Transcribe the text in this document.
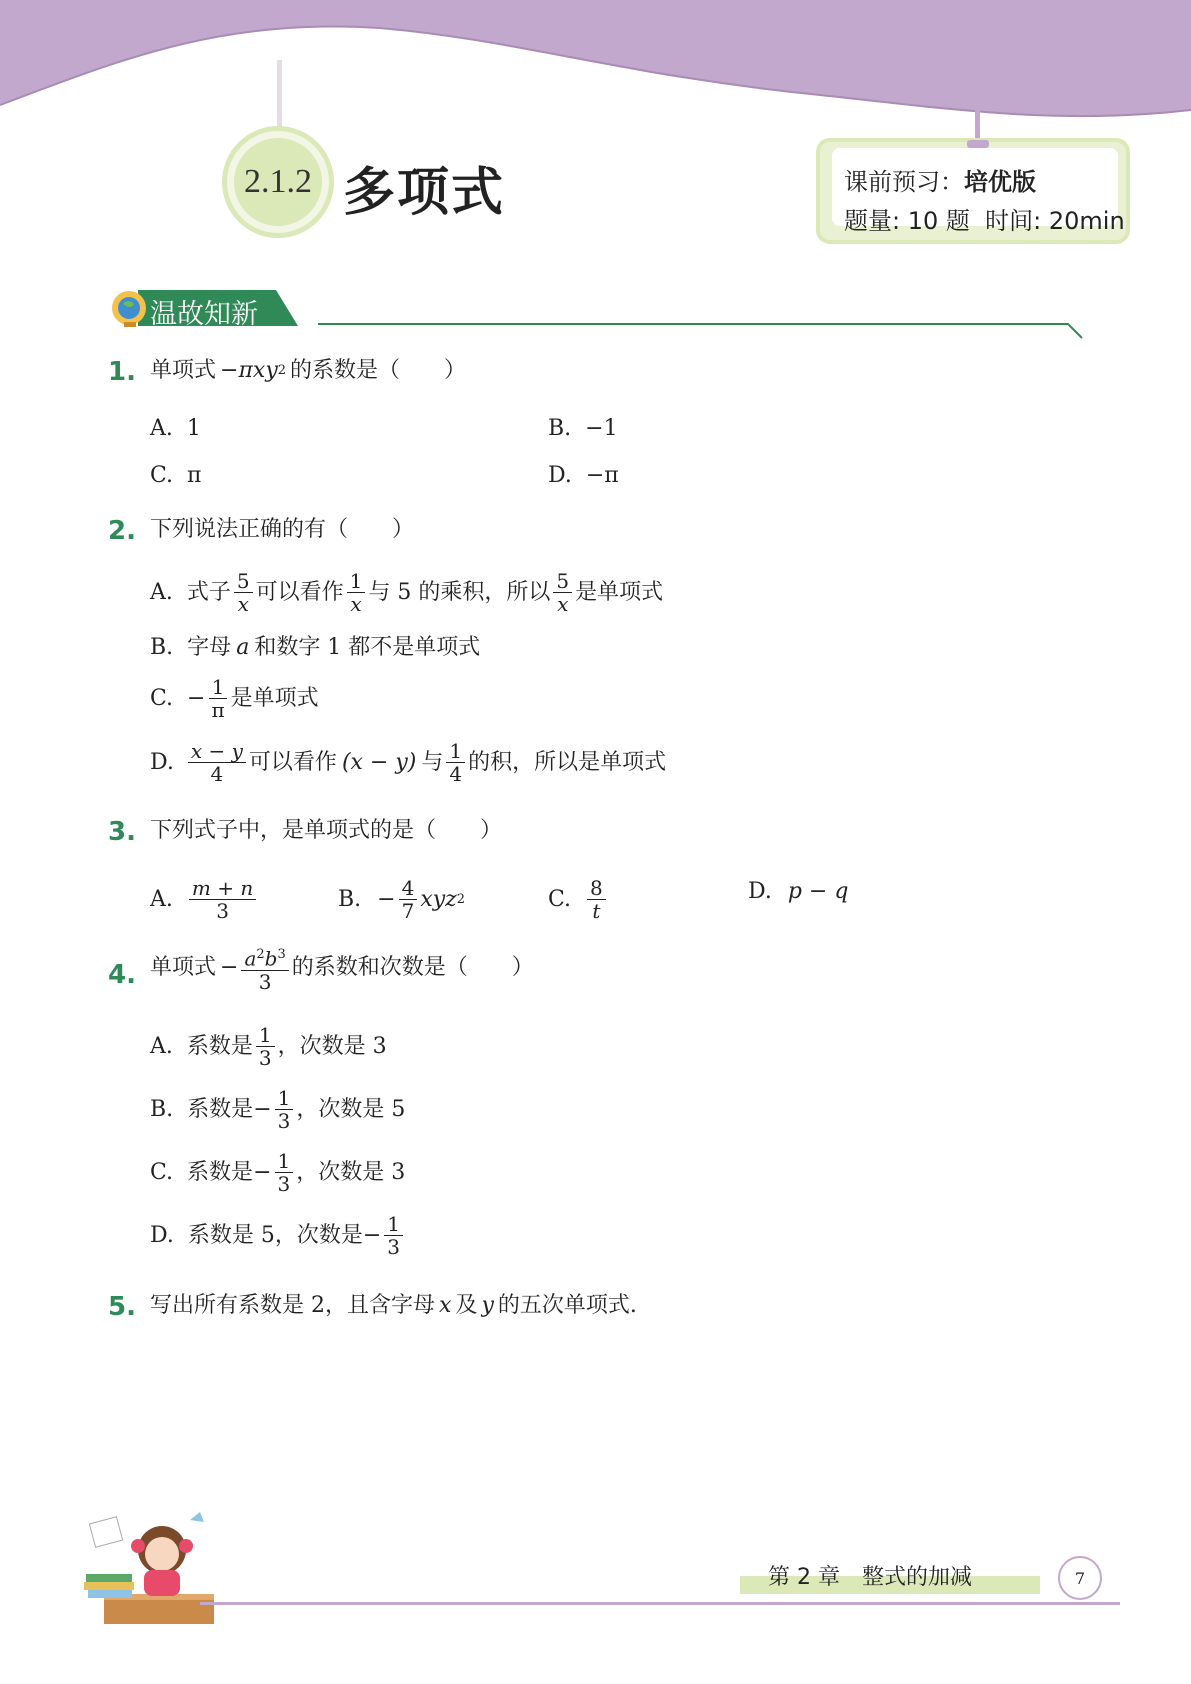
2.1.2 多项式	课前预习：培优版
题量: 10 题  时间: 20min
温故知新
1. 单项式 −πxy 2 的系数是（　　）
A. 1	B. −1
C. π	D. −π
2. 下列说法正确的有（　　）
A. 式子 $\frac{5}{x}$ 可以看作 $\frac{1}{x}$ 与 5 的乘积，所以 $\frac{5}{x}$ 是单项式
B. 字母 a 和数字 1 都不是单项式
C. − $\frac{1}{\pi}$ 是单项式
D. $\frac{x - y}{4}$ 可以看作 (x − y) 与 $\frac{1}{4}$ 的积，所以是单项式
3. 下列式子中，是单项式的是（　　）
A. $\frac{m + n}{3}$	B. − $\frac{4}{7}$ xyz 2	C. $\frac{8}{t}$	D. p − q
4. 单项式 − $\frac{a^2b^3}{3}$ 的系数和次数是（　　）
A. 系数是 $\frac{1}{3}$ ，次数是 3
B. 系数是 − $\frac{1}{3}$ ，次数是 5
C. 系数是 − $\frac{1}{3}$ ，次数是 3
D. 系数是 5，次数是 − $\frac{1}{3}$
5. 写出所有系数是 2，且含字母 x 及 y 的五次单项式.
第 2 章　整式的加减	7
